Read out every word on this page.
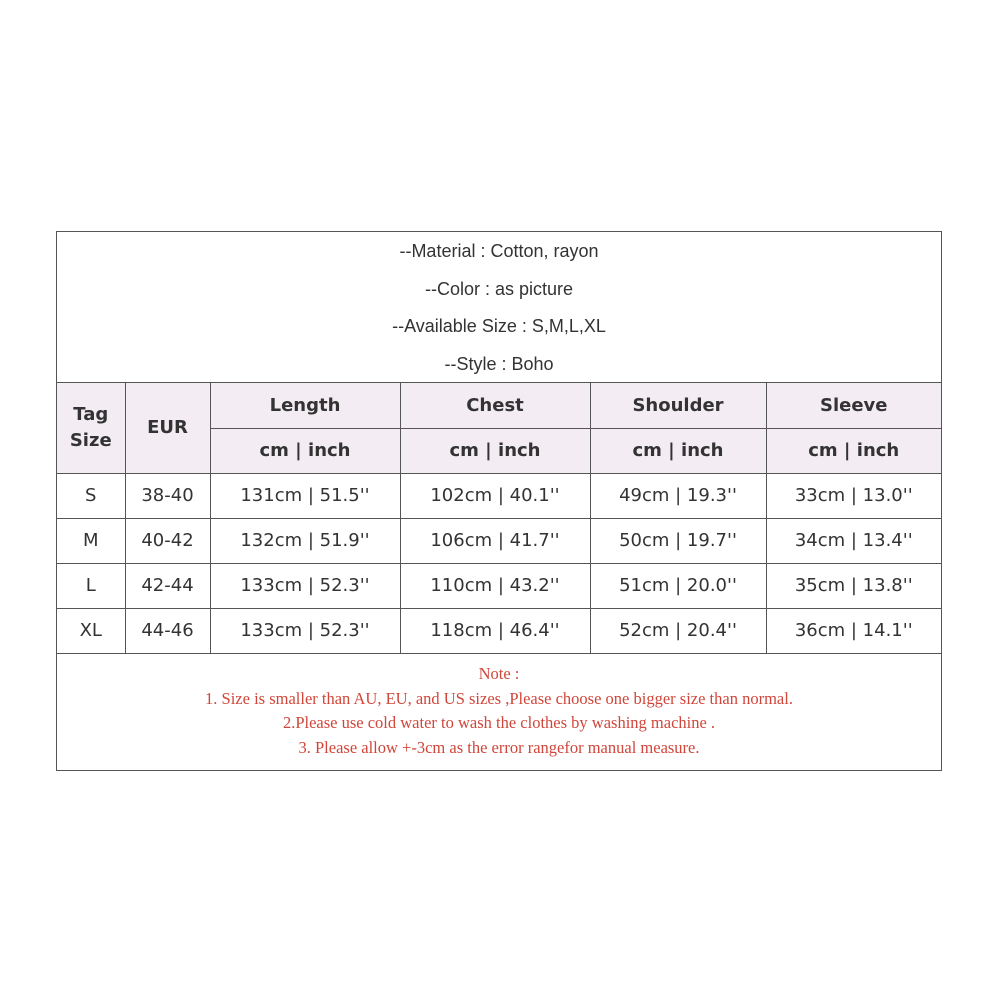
--Material : Cotton, rayon
--Color : as picture
--Available Size : S,M,L,XL
--Style : Boho
Tag Size	EUR	Length	Chest	Shoulder	Sleeve
		cm | inch	cm | inch	cm | inch	cm | inch
S	38-40	131cm | 51.5''	102cm | 40.1''	49cm | 19.3''	33cm | 13.0''
M	40-42	132cm | 51.9''	106cm | 41.7''	50cm | 19.7''	34cm | 13.4''
L	42-44	133cm | 52.3''	110cm | 43.2''	51cm | 20.0''	35cm | 13.8''
XL	44-46	133cm | 52.3''	118cm | 46.4''	52cm | 20.4''	36cm | 14.1''
Note :
1. Size is smaller than AU, EU, and US sizes ,Please choose one bigger size than normal.
2.Please use cold water to wash the clothes by washing machine .
3. Please allow +-3cm as the error rangefor manual measure.
